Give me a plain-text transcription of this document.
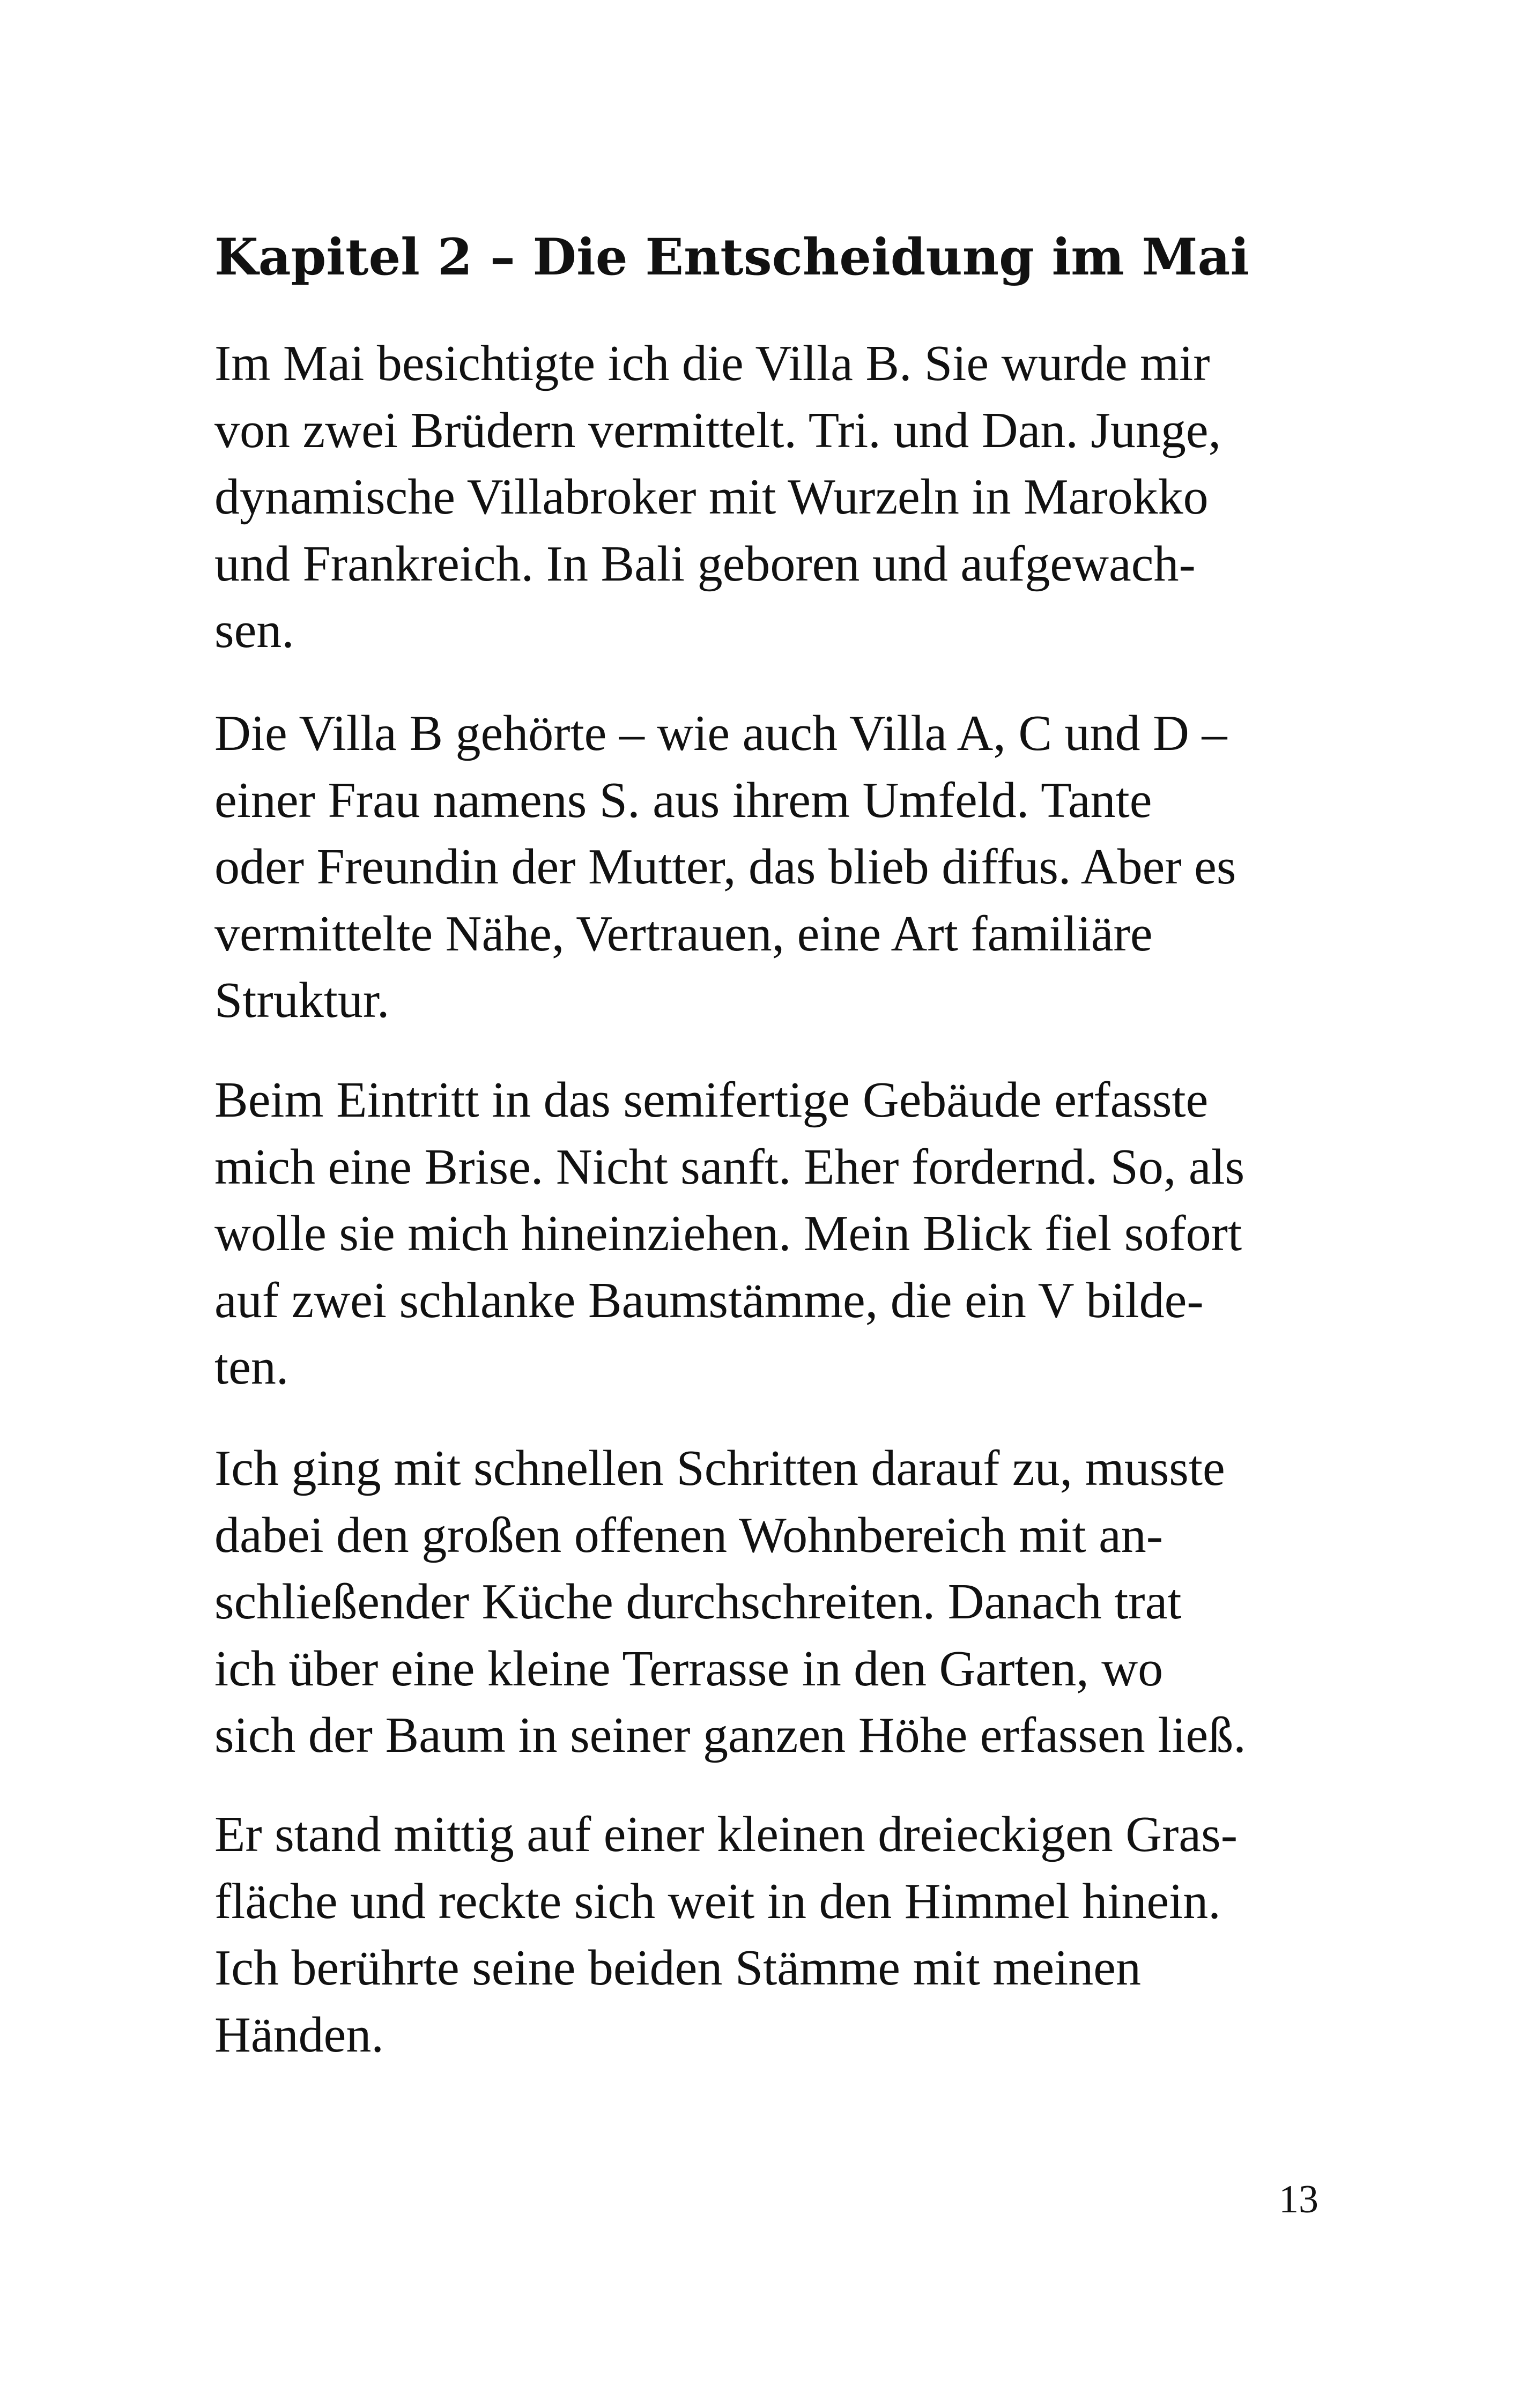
Kapitel 2 – Die Entscheidung im Mai

Im Mai besichtigte ich die Villa B. Sie wurde mir
von zwei Brüdern vermittelt. Tri. und Dan. Junge,
dynamische Villabroker mit Wurzeln in Marokko
und Frankreich. In Bali geboren und aufgewach-
sen.

Die Villa B gehörte – wie auch Villa A, C und D –
einer Frau namens S. aus ihrem Umfeld. Tante
oder Freundin der Mutter, das blieb diffus. Aber es
vermittelte Nähe, Vertrauen, eine Art familiäre
Struktur.

Beim Eintritt in das semifertige Gebäude erfasste
mich eine Brise. Nicht sanft. Eher fordernd. So, als
wolle sie mich hineinziehen. Mein Blick fiel sofort
auf zwei schlanke Baumstämme, die ein V bilde-
ten.

Ich ging mit schnellen Schritten darauf zu, musste
dabei den großen offenen Wohnbereich mit an-
schließender Küche durchschreiten. Danach trat
ich über eine kleine Terrasse in den Garten, wo
sich der Baum in seiner ganzen Höhe erfassen ließ.

Er stand mittig auf einer kleinen dreieckigen Gras-
fläche und reckte sich weit in den Himmel hinein.
Ich berührte seine beiden Stämme mit meinen
Händen.

13
